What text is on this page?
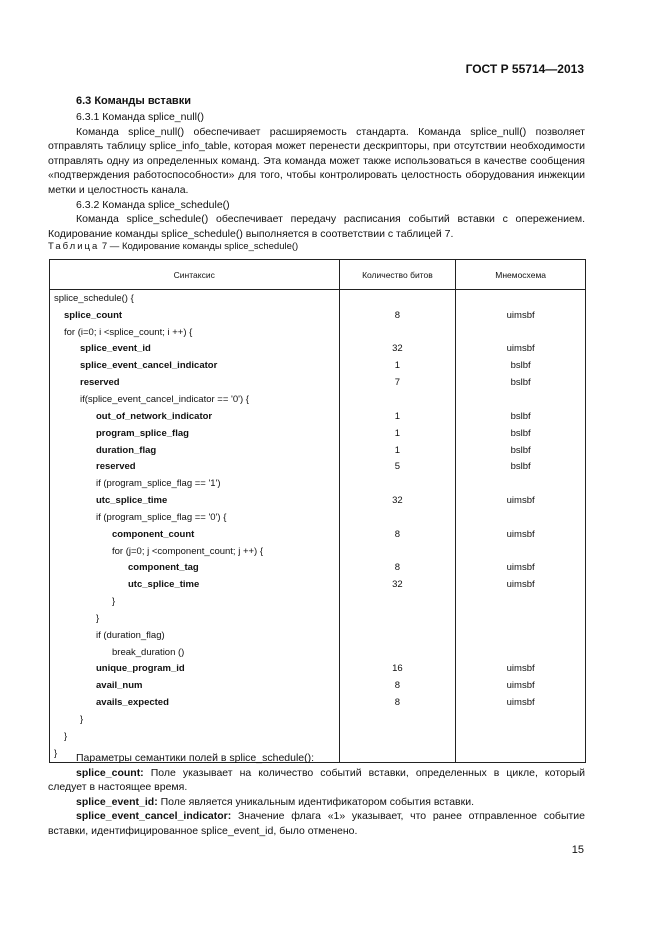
ГОСТ Р 55714—2013
6.3 Команды вставки

6.3.1 Команда splice_null()

Команда splice_null() обеспечивает расширяемость стандарта. Команда splice_null() позволяет отправлять таблицу splice_info_table, которая может перенести дескрипторы, при отсутствии необходимости отправлять одну из определенных команд. Эта команда может также использоваться в качестве сообщения «подтверждения работоспособности» для того, чтобы контролировать целостность оборудования инжекции метки и целостность канала.

6.3.2 Команда splice_schedule()

Команда splice_schedule() обеспечивает передачу расписания событий вставки с опережением. Кодирование команды splice_schedule() выполняется в соответствии с таблицей 7.

Таблица 7 — Кодирование команды splice_schedule()
Синтаксис	Количество битов	Мнемосхема
splice_schedule() {		
splice_count	8	uimsbf
for (i=0; i <splice_count; i ++) {		
splice_event_id	32	uimsbf
splice_event_cancel_indicator	1	bslbf
reserved	7	bslbf
if(splice_event_cancel_indicator == '0') {		
out_of_network_indicator	1	bslbf
program_splice_flag	1	bslbf
duration_flag	1	bslbf
reserved	5	bslbf
if (program_splice_flag == '1')		
utc_splice_time	32	uimsbf
if (program_splice_flag == '0') {		
component_count	8	uimsbf
for (j=0; j <component_count; j ++) {		
component_tag	8	uimsbf
utc_splice_time	32	uimsbf
}		
}		
if (duration_flag)		
break_duration ()		
unique_program_id	16	uimsbf
avail_num	8	uimsbf
avails_expected	8	uimsbf
}		
}		
}			Параметры семантики полей в splice_schedule():

splice_count: Поле указывает на количество событий вставки, определенных в цикле, который следует в настоящее время.

splice_event_id: Поле является уникальным идентификатором события вставки.

splice_event_cancel_indicator: Значение флага «1» указывает, что ранее отправленное событие вставки, идентифицированное splice_event_id, было отменено.

15
